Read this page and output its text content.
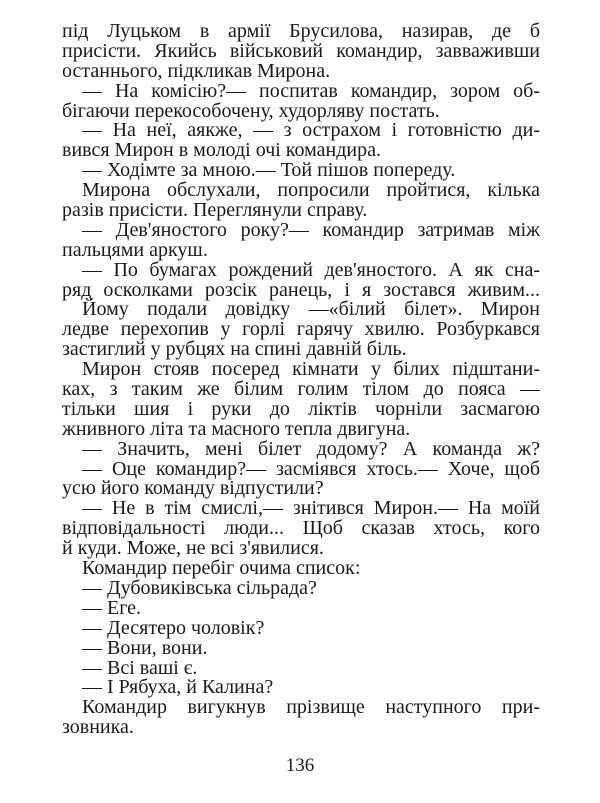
під Луцьком в армії Брусилова, назирав, де б
присісти. Якийсь військовий командир, завваживши
останнього, підкликав Мирона.
— На комісію?— поспитав командир, зором об-
бігаючи перекособочену, худорляву постать.
— На неї, аякже, — з острахом і готовністю ди-
вився Мирон в молоді очі командира.
— Ходімте за мною.— Той пішов попереду.
Мирона обслухали, попросили пройтися, кілька
разів присісти. Переглянули справу.
— Дев'яностого року?— командир затримав між
пальцями аркуш.
— По бумагах рождений дев'яностого. А як сна-
ряд осколками розсік ранець, і я зостався живим...
Йому подали довідку —«білий білет». Мирон
ледве перехопив у горлі гарячу хвилю. Розбуркався
застиглий у рубцях на спині давній біль.
Мирон стояв посеред кімнати у білих підштани-
ках, з таким же білим голим тілом до пояса —
тільки шия і руки до ліктів чорніли засмагою
жнивного літа та масного тепла двигуна.
— Значить, мені білет додому? А команда ж?
— Оце командир?— засміявся хтось.— Хоче, щоб
усю його команду відпустили?
— Не в тім смислі,— знітився Мирон.— На моїй
відповідальності люди... Щоб сказав хтось, кого
й куди. Може, не всі з'явилися.
Командир перебіг очима список:
— Дубовиківська сільрада?
— Еге.
— Десятеро чоловік?
— Вони, вони.
— Всі ваші є.
— І Рябуха, й Калина?
Командир вигукнув прізвище наступного при-
зовника.
136
